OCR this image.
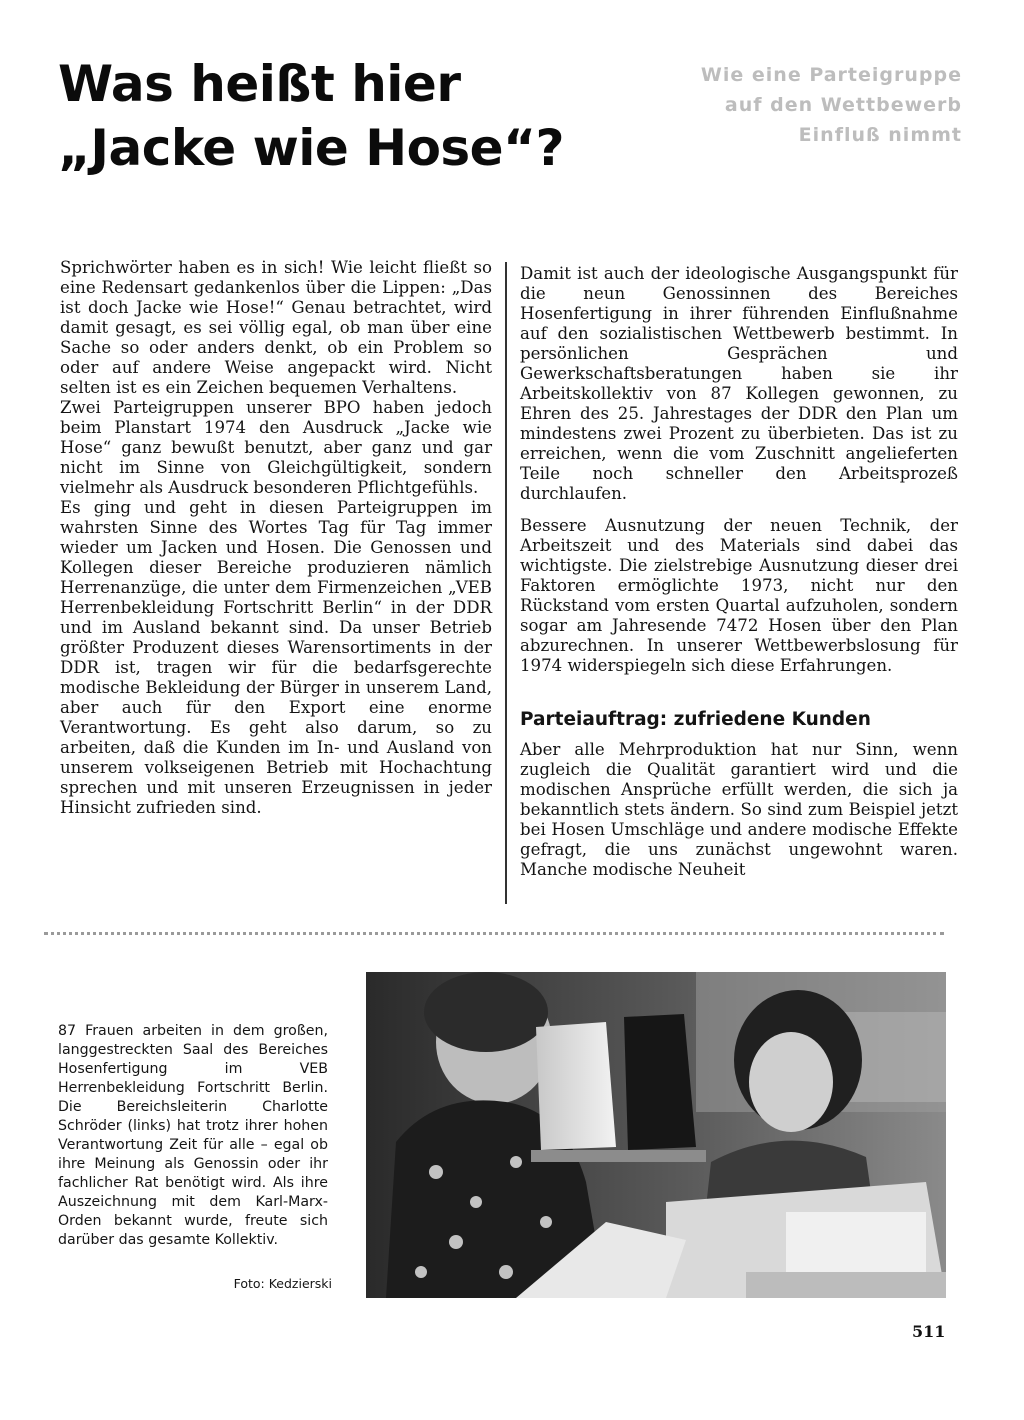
Was heißt hier
„Jacke wie Hose“?
Wie eine Parteigruppe
auf den Wettbewerb
Einfluß nimmt

Sprichwörter haben es in sich! Wie leicht fließt so eine Redensart gedankenlos über die Lippen: „Das ist doch Jacke wie Hose!“ Genau betrachtet, wird damit gesagt, es sei völlig egal, ob man über eine Sache so oder anders denkt, ob ein Problem so oder auf andere Weise angepackt wird. Nicht selten ist es ein Zeichen bequemen Verhaltens.

Zwei Parteigruppen unserer BPO haben jedoch beim Planstart 1974 den Ausdruck „Jacke wie Hose“ ganz bewußt benutzt, aber ganz und gar nicht im Sinne von Gleichgültigkeit, sondern vielmehr als Ausdruck besonderen Pflichtgefühls.

Es ging und geht in diesen Parteigruppen im wahrsten Sinne des Wortes Tag für Tag immer wieder um Jacken und Hosen. Die Genossen und Kollegen dieser Bereiche produzieren nämlich Herrenanzüge, die unter dem Firmenzeichen „VEB Herrenbekleidung Fortschritt Berlin“ in der DDR und im Ausland bekannt sind. Da unser Betrieb größter Produzent dieses Warensortiments in der DDR ist, tragen wir für die bedarfsgerechte modische Bekleidung der Bürger in unserem Land, aber auch für den Export eine enorme Verantwortung. Es geht also darum, so zu arbeiten, daß die Kunden im In- und Ausland von unserem volkseigenen Betrieb mit Hochachtung sprechen und mit unseren Erzeugnissen in jeder Hinsicht zufrieden sind.

Damit ist auch der ideologische Ausgangspunkt für die neun Genossinnen des Bereiches Hosenfertigung in ihrer führenden Einflußnahme auf den sozialistischen Wettbewerb bestimmt. In persönlichen Gesprächen und Gewerkschaftsberatungen haben sie ihr Arbeitskollektiv von 87 Kollegen gewonnen, zu Ehren des 25. Jahrestages der DDR den Plan um mindestens zwei Prozent zu überbieten. Das ist zu erreichen, wenn die vom Zuschnitt angelieferten Teile noch schneller den Arbeitsprozeß durchlaufen.

Bessere Ausnutzung der neuen Technik, der Arbeitszeit und des Materials sind dabei das wichtigste. Die zielstrebige Ausnutzung dieser drei Faktoren ermöglichte 1973, nicht nur den Rückstand vom ersten Quartal aufzuholen, sondern sogar am Jahresende 7472 Hosen über den Plan abzurechnen. In unserer Wettbewerbslosung für 1974 widerspiegeln sich diese Erfahrungen.

Parteiauftrag: zufriedene Kunden

Aber alle Mehrproduktion hat nur Sinn, wenn zugleich die Qualität garantiert wird und die modischen Ansprüche erfüllt werden, die sich ja bekanntlich stets ändern. So sind zum Beispiel jetzt bei Hosen Umschläge und andere modische Effekte gefragt, die uns zunächst ungewohnt waren. Manche modische Neuheit

87 Frauen arbeiten in dem großen, langgestreckten Saal des Bereiches Hosenfertigung im VEB Herrenbekleidung Fortschritt Berlin. Die Bereichsleiterin Charlotte Schröder (links) hat trotz ihrer hohen Verantwortung Zeit für alle – egal ob ihre Meinung als Genossin oder ihr fachlicher Rat benötigt wird. Als ihre Auszeichnung mit dem Karl-Marx-Orden bekannt wurde, freute sich darüber das gesamte Kollektiv.
Foto: Kedzierski
511
